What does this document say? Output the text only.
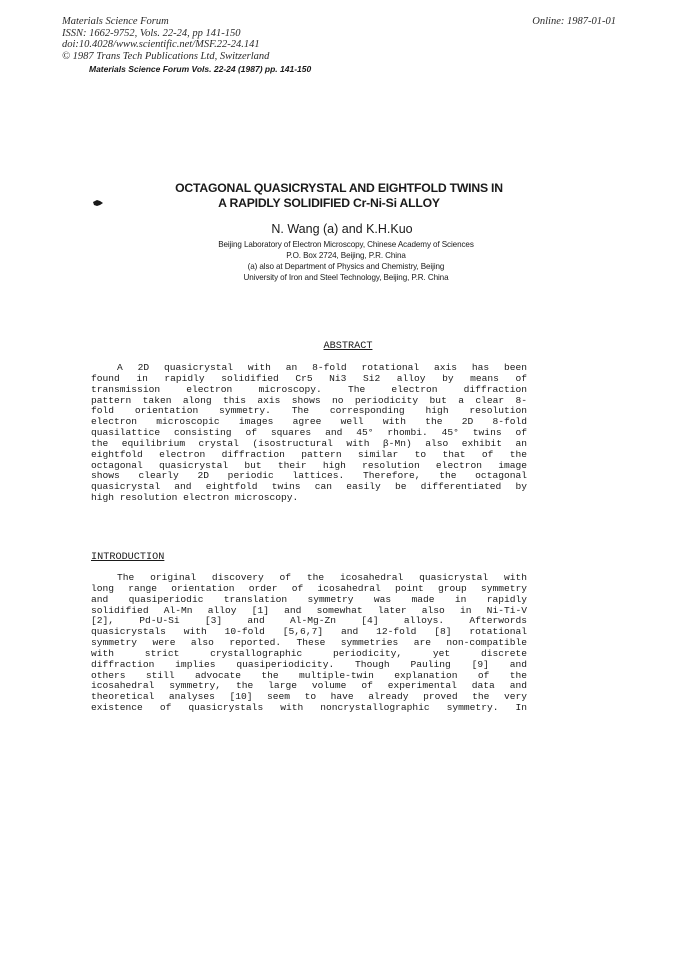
Materials Science Forum
ISSN: 1662-9752, Vols. 22-24, pp 141-150
doi:10.4028/www.scientific.net/MSF.22-24.141
© 1987 Trans Tech Publications Ltd, Switzerland
Online: 1987-01-01
Materials Science Forum Vols. 22-24 (1987) pp. 141-150
OCTAGONAL QUASICRYSTAL AND EIGHTFOLD TWINS IN
A RAPIDLY SOLIDIFIED Cr-Ni-Si ALLOY
N. Wang (a) and K.H.Kuo
Beijing Laboratory of Electron Microscopy, Chinese Academy of Sciences
P.O. Box 2724, Beijing, P.R. China
(a) also at Department of Physics and Chemistry, Beijing
University of Iron and Steel Technology, Beijing, P.R. China
ABSTRACT
A 2D quasicrystal with an 8-fold rotational axis has been
found in rapidly solidified Cr5 Ni3 Si2 alloy by means of
transmission electron microscopy. The electron diffraction
pattern taken along this axis shows no periodicity but a clear 8-
fold orientation symmetry. The corresponding high resolution
electron microscopic images agree well with the 2D 8-fold
quasilattice consisting of squares and 45° rhombi. 45° twins of
the equilibrium crystal (isostructural with β-Mn) also exhibit an
eightfold electron diffraction pattern similar to that of the
octagonal quasicrystal but their high resolution electron image
shows clearly 2D periodic lattices. Therefore, the octagonal
quasicrystal and eightfold twins can easily be differentiated by
high resolution electron microscopy.
INTRODUCTION
The original discovery of the icosahedral quasicrystal with
long range orientation order of icosahedral point group symmetry
and quasiperiodic translation symmetry was made in rapidly
solidified Al-Mn alloy [1] and somewhat later also in Ni-Ti-V
[2], Pd-U-Si [3] and Al-Mg-Zn [4] alloys. Afterwords
quasicrystals with 10-fold [5,6,7] and 12-fold [8] rotational
symmetry were also reported. These symmetries are non-compatible
with strict crystallographic periodicity, yet discrete
diffraction implies quasiperiodicity. Though Pauling [9] and
others still advocate the multiple-twin explanation of the
icosahedral symmetry, the large volume of experimental data and
theoretical analyses [10] seem to have already proved the very
existence of quasicrystals with noncrystallographic symmetry. In
